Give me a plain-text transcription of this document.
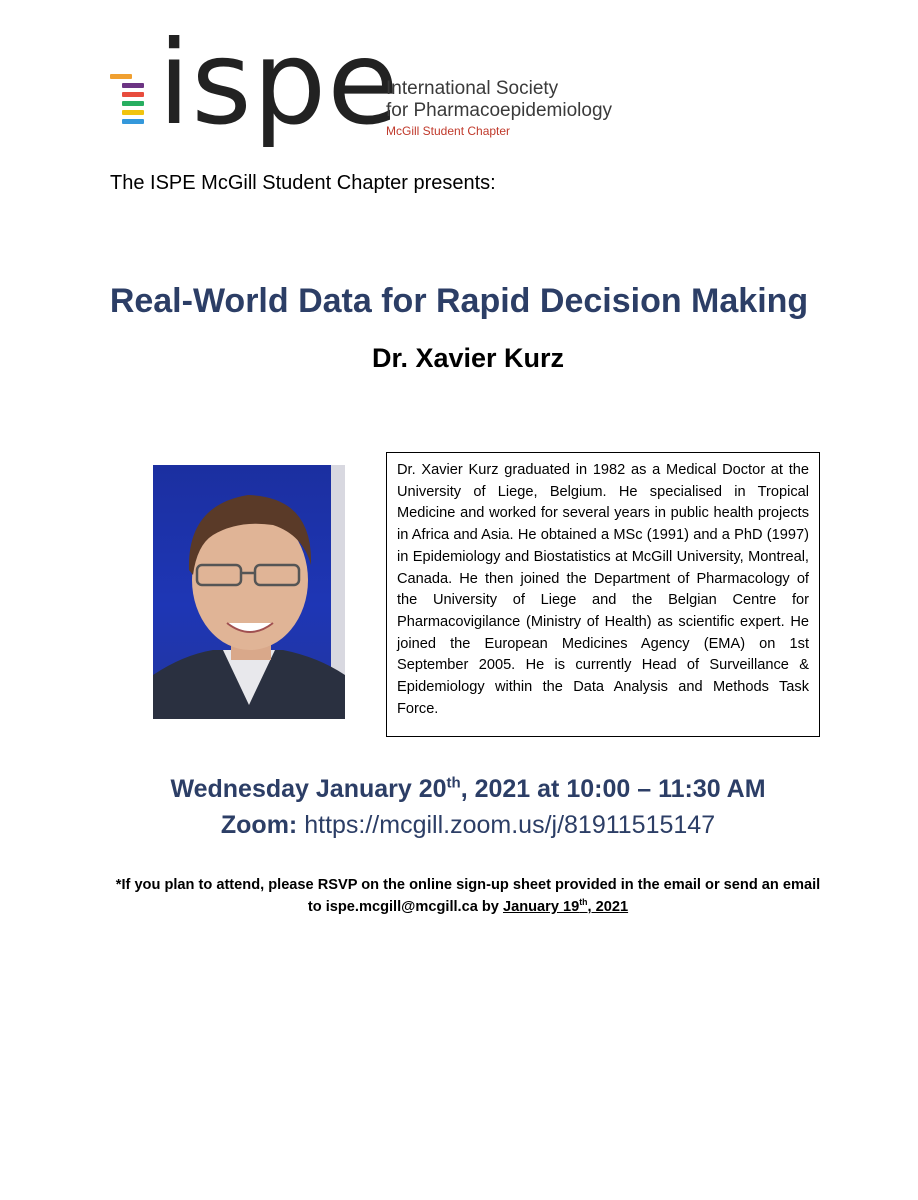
ispe
International Society
for Pharmacoepidemiology
McGill Student Chapter
The ISPE McGill Student Chapter presents:
Real-World Data for Rapid Decision Making
Dr. Xavier Kurz
Dr. Xavier Kurz graduated in 1982 as a Medical Doctor at the University of Liege, Belgium. He specialised in Tropical Medicine and worked for several years in public health projects in Africa and Asia. He obtained a MSc (1991) and a PhD (1997) in Epidemiology and Biostatistics at McGill University, Montreal, Canada. He then joined the Department of Pharmacology of the University of Liege and the Belgian Centre for Pharmacovigilance (Ministry of Health) as scientific expert. He joined the European Medicines Agency (EMA) on 1st September 2005. He is currently Head of Surveillance & Epidemiology within the Data Analysis and Methods Task Force.
Wednesday January 20th, 2021 at 10:00 – 11:30 AM
Zoom: https://mcgill.zoom.us/j/81911515147
*If you plan to attend, please RSVP on the online sign-up sheet provided in the email or send an email
to ispe.mcgill@mcgill.ca by January 19th, 2021
